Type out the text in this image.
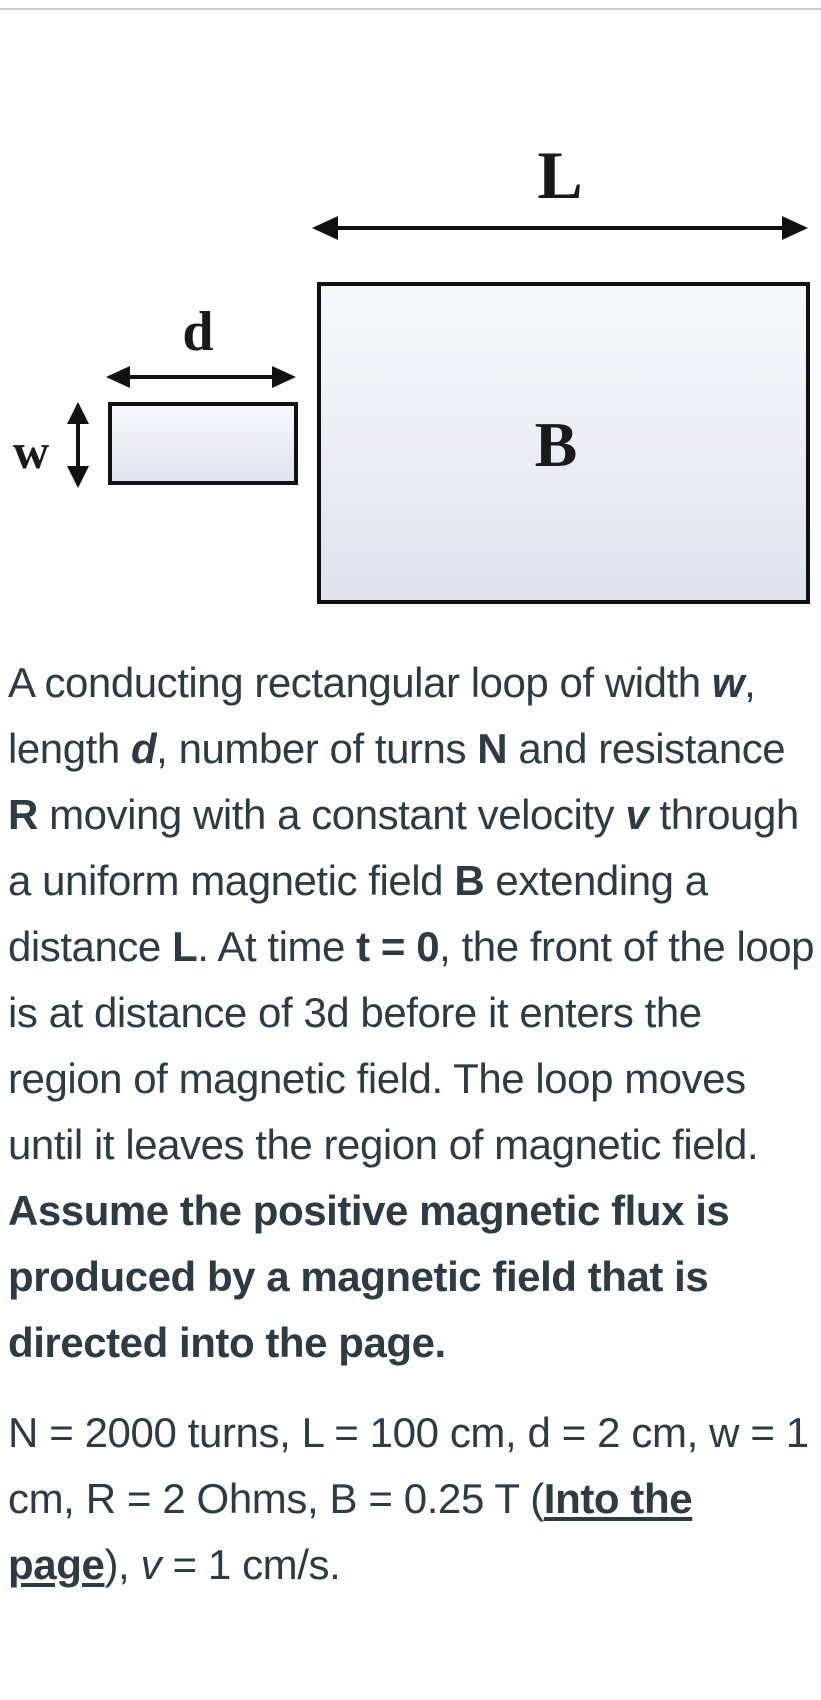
L
B
d
w

A conducting rectangular loop of width w, length d, number of turns N and resistance R moving with a constant velocity v through a uniform magnetic field B extending a distance L. At time t = 0, the front of the loop is at distance of 3d before it enters the region of magnetic field. The loop moves until it leaves the region of magnetic field. Assume the positive magnetic flux is produced by a magnetic field that is directed into the page.

N = 2000 turns, L = 100 cm, d = 2 cm, w = 1 cm, R = 2 Ohms, B = 0.25 T (Into the page), v = 1 cm/s.
